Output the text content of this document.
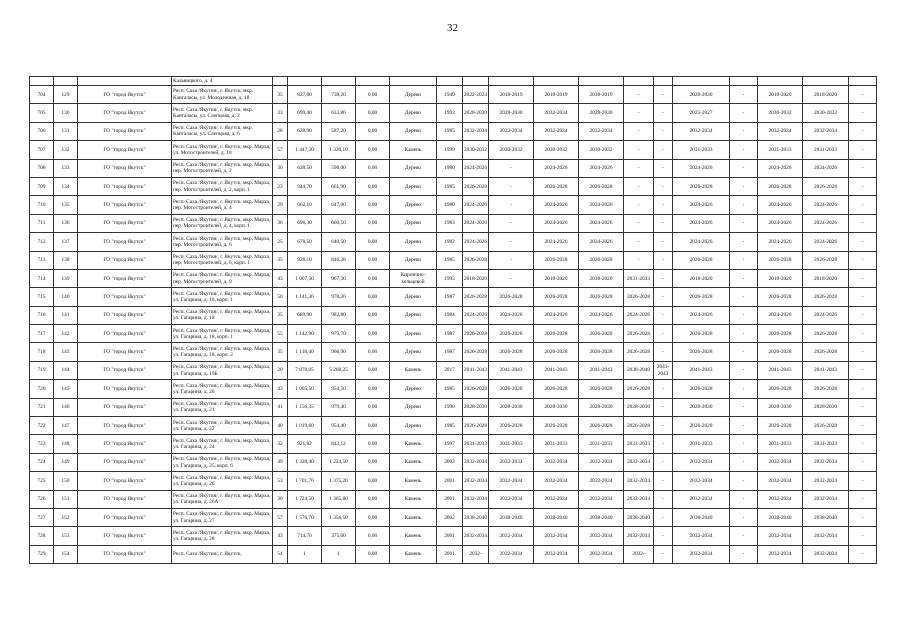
32
			Кальвицкого, д. 4																	
704	129	ГО "город Якутск"	Респ. Саха /Якутия/, г. Якутск, мкр. Кангаласы, ул. Молодежная, д. 18	35	827,80	738,20	0,00	Дерево	1949	2022-2024	2018-2019	2018-2019	2018-2019	-	-	2028-2030	-	2018-2020	2018-2020	-
705	130	ГО "город Якутск"	Респ. Саха /Якутия/, г. Якутск, мкр. Кангаласы, ул. Слепцова, д. 2	33	699,40	633,80	0,00	Дерево	1993	2028-2030	2028-2030	2032-2034	2028-2030	-	-	2025-2027	-	2030-2032	2030-2032	-
706	131	ГО "город Якутск"	Респ. Саха /Якутия/, г. Якутск, мкр. Кангаласы, ул. Слепцова, д. 6	28	628,90	587,20	0,00	Дерево	1985	2032-2034	2032-2034	2032-2034	2032-2034	-	-	2032-2034	-	2032-2034	2032-2034	-
707	132	ГО "город Якутск"	Респ. Саха /Якутия/, г. Якутск, мкр. Марха, ул. Мотостроителей, д. 10	57	1 447,30	1 320,10	0,00	Камень	1999	2030-2032	2030-2032	2030-2032	2030-2032	-	-	2031-2033	-	2031-2033	2031-2033	-
708	133	ГО "город Якутск"	Респ. Саха /Якутия/, г. Якутск, мкр. Марха, пер. Мотостроителей, д. 2	30	628,50	598,00	0,00	Дерево	1980	2024-2026	-	2024-2026	2024-2026	-	-	2024-2026	-	2024-2026	2024-2026	-
709	134	ГО "город Якутск"	Респ. Саха /Якутия/, г. Якутск, мкр. Марха, пер. Мотостроителей, д. 2, корп. 1	23	944,70	661,90	0,00	Дерево	1985	2026-2028	-	2026-2028	2026-2028	-	-	2026-2028	-	2026-2028	2026-2028	-
710	135	ГО "город Якутск"	Респ. Саха /Якутия/, г. Якутск, мкр. Марха, пер. Мотостроителей, д. 4	29	662,10	647,00	0,00	Дерево	1980	2024-2026	-	2024-2026	2024-2026	-	-	2024-2026	-	2024-2026	2024-2026	-
711	136	ГО "город Якутск"	Респ. Саха /Якутия/, г. Якутск, мкр. Марха, пер. Мотостроителей, д. 4, корп. 1	36	696,30	660,50	0,00	Дерево	1983	2024-2026	-	2024-2026	2024-2026	-	-	2024-2026	-	2024-2026	2024-2026	-
712	137	ГО "город Якутск"	Респ. Саха /Якутия/, г. Якутск, мкр. Марха, пер. Мотостроителей, д. 6	25	678,50	640,50	0,00	Дерево	1982	2024-2026	-	2024-2026	2024-2026	-	-	2024-2026	-	2024-2026	2024-2026	-
713	138	ГО "город Якутск"	Респ. Саха /Якутия/, г. Якутск, мкр. Марха, пер. Мотостроителей, д. 6, корп. 1	35	928,10	846,38	0,00	Дерево	1985	2026-2028	-	2026-2028	2026-2028	-	-	2026-2028	-	2026-2028	2026-2028	-
714	139	ГО "город Якутск"	Респ. Саха /Якутия/, г. Якутск, мкр. Марха, пер. Мотостроителей, д. 9	43	1 007,30	967,30	0,00	Кирпично-кольцевой	1995	2018-2020	-	2018-2020	2018-2020	2031-2033	-	2018-2020	-	2018-2020	2018-2020	-
715	140	ГО "город Якутск"	Респ. Саха /Якутия/, г. Якутск, мкр. Марха, ул. Гагарина, д. 16, корп. 1	50	1 141,30	978,20	0,00	Дерево	1987	2026-2028	2026-2028	2026-2028	2026-2028	2026-2028	-	2026-2028	-	2026-2028	2026-2028	-
716	141	ГО "город Якутск"	Респ. Саха /Якутия/, г. Якутск, мкр. Марха, ул. Гагарина, д. 18	35	689,90	982,80	0,00	Дерево	1984	2024-2026	2024-2026	2024-2026	2024-2026	2024-2026	-	2024-2026	-	2024-2026	2024-2026	-
717	142	ГО "город Якутск"	Респ. Саха /Якутия/, г. Якутск, мкр. Марха, ул. Гагарина, д. 18, корп. 1	55	1 142,90	979,70	0,00	Дерево	1987	2026-2028	2026-2028	2026-2028	2026-2028	2026-2028	-	2026-2028	-	2026-2028	2026-2028	-
718	143	ГО "город Якутск"	Респ. Саха /Якутия/, г. Якутск, мкр. Марха, ул. Гагарина, д. 18, корп. 2	35	1 118,40	966,90	0,00	Дерево	1987	2026-2028	2026-2028	2026-2028	2026-2028	2026-2028	-	2026-2028	-	2026-2028	2026-2028	-
719	144	ГО "город Якутск"	Респ. Саха /Якутия/, г. Якутск, мкр. Марха, ул. Гагарина, д. 19Б	20	7 070,05	5 268,25	0,00	Камень	2017	2041-2043	2041-2043	2041-2043	2041-2043	2038-2040	2041-2043	2041-2043	-	2041-2043	2041-2043	-
720	145	ГО "город Якутск"	Респ. Саха /Якутия/, г. Якутск, мкр. Марха, ул. Гагарина, д. 20	43	1 005,50	954,50	0,00	Дерево	1985	2026-2028	2026-2028	2026-2028	2026-2028	2026-2028	-	2026-2028	-	2026-2028	2026-2028	-
721	146	ГО "город Якутск"	Респ. Саха /Якутия/, г. Якутск, мкр. Марха, ул. Гагарина, д. 21	41	1 156,35	979,40	0,00	Дерево	1990	2028-2030	2028-2030	2028-2030	2028-2030	2028-2030	-	2028-2030	-	2028-2030	2028-2030	-
722	147	ГО "город Якутск"	Респ. Саха /Якутия/, г. Якутск, мкр. Марха, ул. Гагарина, д. 22	40	1 019,60	954,40	0,00	Дерево	1985	2026-2028	2026-2028	2026-2028	2026-2028	2026-2028	-	2026-2028	-	2026-2028	2026-2028	-
723	148	ГО "город Якутск"	Респ. Саха /Якутия/, г. Якутск, мкр. Марха, ул. Гагарина, д. 24	32	921,82	843,12	0,00	Камень	1997	2031-2033	2031-2033	2031-2033	2031-2033	2031-2033	-	2031-2033	-	2031-2033	2031-2033	-
724	149	ГО "город Якутск"	Респ. Саха /Якутия/, г. Якутск, мкр. Марха, ул. Гагарина, д. 25, корп. 6	49	1 328,40	1 224,50	0,00	Камень	2003	2032-2034	2032-2034	2032-2034	2032-2034	2032-2034	-	2032-2034	-	2032-2034	2032-2034	-
725	150	ГО "город Якутск"	Респ. Саха /Якутия/, г. Якутск, мкр. Марха, ул. Гагарина, д. 26	53	1 701,70	1 375,20	0,00	Камень	2001	2032-2034	2032-2034	2032-2034	2032-2034	2032-2034	-	2032-2034	-	2032-2034	2032-2034	-
726	151	ГО "город Якутск"	Респ. Саха /Якутия/, г. Якутск, мкр. Марха, ул. Гагарина, д. 26А	30	1 724,50	1 365,80	0,00	Камень	2001	2032-2034	2032-2034	2032-2034	2032-2034	2032-2034	-	2032-2034	-	2032-2034	2032-2034	-
727	152	ГО "город Якутск"	Респ. Саха /Якутия/, г. Якутск, мкр. Марха, ул. Гагарина, д. 27	57	1 576,70	1 356,50	0,00	Камень	2002	2038-2040	2038-2040	2038-2040	2038-2040	2038-2040	-	2038-2040	-	2038-2040	2038-2040	-
728	153	ГО "город Якутск"	Респ. Саха /Якутия/, г. Якутск, мкр. Марха, ул. Гагарина, д. 28	43	714,70	375,00	0,00	Камень	2001	2032-2034	2032-2034	2032-2034	2032-2034	2032-2034	-	2032-2034	-	2032-2034	2032-2034	-
729	154	ГО "город Якутск"	Респ. Саха /Якутия/, г. Якутск,	54	1	1	0,00	Камень	2001	2032-	2032-2034	2032-2034	2032-2034	2032-	-	2032-2034	-	2032-2034	2032-2034	-
